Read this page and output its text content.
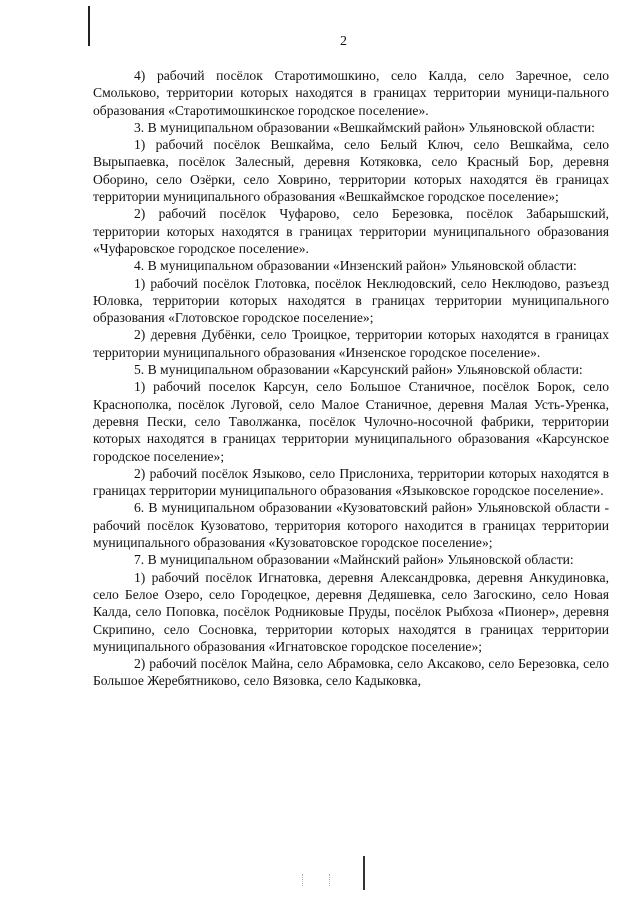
2

4) рабочий посёлок Старотимошкино, село Калда, село Заречное, село Смольково, территории которых находятся в границах территории муници-пального образования «Старотимошкинское городское поселение».

3. В муниципальном образовании «Вешкаймский район» Ульяновской области:

1) рабочий посёлок Вешкайма, село Белый Ключ, село Вешкайма, село Вырыпаевка, посёлок Залесный, деревня Котяковка, село Красный Бор, деревня Оборино, село Озёрки, село Ховрино, территории которых находятся ёв границах территории муниципального образования «Вешкаймское городское поселение»;

2) рабочий посёлок Чуфарово, село Березовка, посёлок Забарышский, территории которых находятся в границах территории муниципального образования «Чуфаровское городское поселение».

4. В муниципальном образовании «Инзенский район» Ульяновской области:

1) рабочий посёлок Глотовка, посёлок Неклюдовский, село Неклюдово, разъезд Юловка, территории которых находятся в границах территории муниципального образования «Глотовское городское поселение»;

2) деревня Дубёнки, село Троицкое, территории которых находятся в границах территории муниципального образования «Инзенское городское поселение».

5. В муниципальном образовании «Карсунский район» Ульяновской области:

1) рабочий поселок Карсун, село Большое Станичное, посёлок Борок, село Краснополка, посёлок Луговой, село Малое Станичное, деревня Малая Усть-Уренка, деревня Пески, село Таволжанка, посёлок Чулочно-носочной фабрики, территории которых находятся в границах территории муниципального образования «Карсунское городское поселение»;

2) рабочий посёлок Языково, село Прислониха, территории которых находятся в границах территории муниципального образования «Языковское городское поселение».

6. В муниципальном образовании «Кузоватовский район» Ульяновской области - рабочий посёлок Кузоватово, территория которого находится в границах территории муниципального образования «Кузоватовское городское поселение»;

7. В муниципальном образовании «Майнский район» Ульяновской области:

1) рабочий посёлок Игнатовка, деревня Александровка, деревня Анкудиновка, село Белое Озеро, село Городецкое, деревня Дедяшевка, село Загоскино, село Новая Калда, село Поповка, посёлок Родниковые Пруды, посёлок Рыбхоза «Пионер», деревня Скрипино, село Сосновка, территории которых находятся в границах территории муниципального образования «Игнатовское городское поселение»;

2) рабочий посёлок Майна, село Абрамовка, село Аксаково, село Березовка, село Большое Жеребятниково, село Вязовка, село Кадыковка,
